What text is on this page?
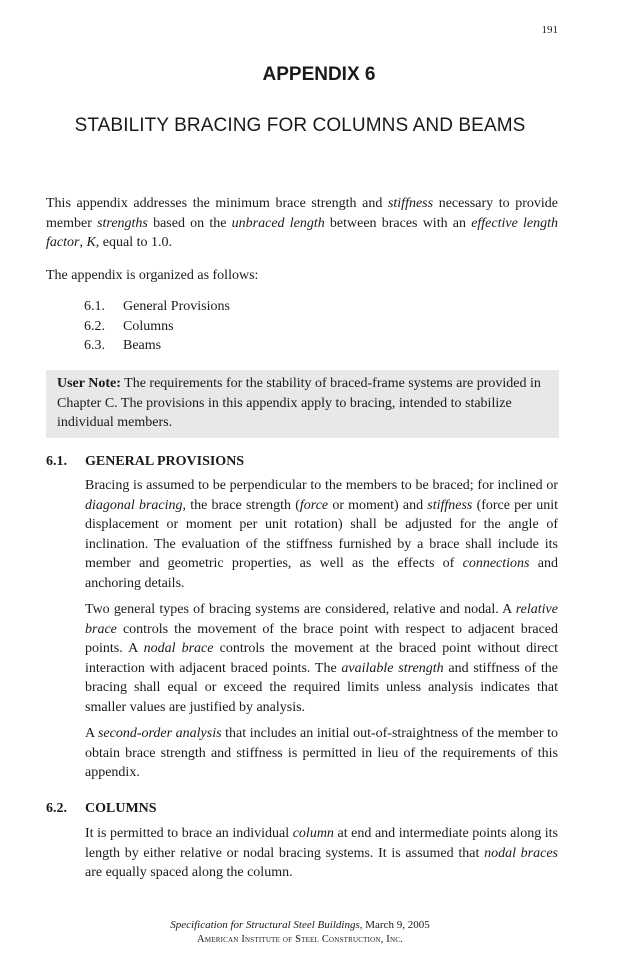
191
APPENDIX 6
STABILITY BRACING FOR COLUMNS AND BEAMS

This appendix addresses the minimum brace strength and stiffness necessary to provide member strengths based on the unbraced length between braces with an effective length factor, K, equal to 1.0.

The appendix is organized as follows:

6.1. General Provisions
6.2. Columns
6.3. Beams
User Note: The requirements for the stability of braced-frame systems are provided in Chapter C. The provisions in this appendix apply to bracing, intended to stabilize individual members.
6.1. GENERAL PROVISIONS

Bracing is assumed to be perpendicular to the members to be braced; for inclined or diagonal bracing, the brace strength (force or moment) and stiffness (force per unit displacement or moment per unit rotation) shall be adjusted for the angle of inclination. The evaluation of the stiffness furnished by a brace shall include its member and geometric properties, as well as the effects of connections and anchoring details.

Two general types of bracing systems are considered, relative and nodal. A relative brace controls the movement of the brace point with respect to adjacent braced points. A nodal brace controls the movement at the braced point without direct interaction with adjacent braced points. The available strength and stiffness of the bracing shall equal or exceed the required limits unless analysis indicates that smaller values are justified by analysis.

A second-order analysis that includes an initial out-of-straightness of the member to obtain brace strength and stiffness is permitted in lieu of the requirements of this appendix.

6.2. COLUMNS

It is permitted to brace an individual column at end and intermediate points along its length by either relative or nodal bracing systems. It is assumed that nodal braces are equally spaced along the column.

Specification for Structural Steel Buildings, March 9, 2005
American Institute of Steel Construction, Inc.
